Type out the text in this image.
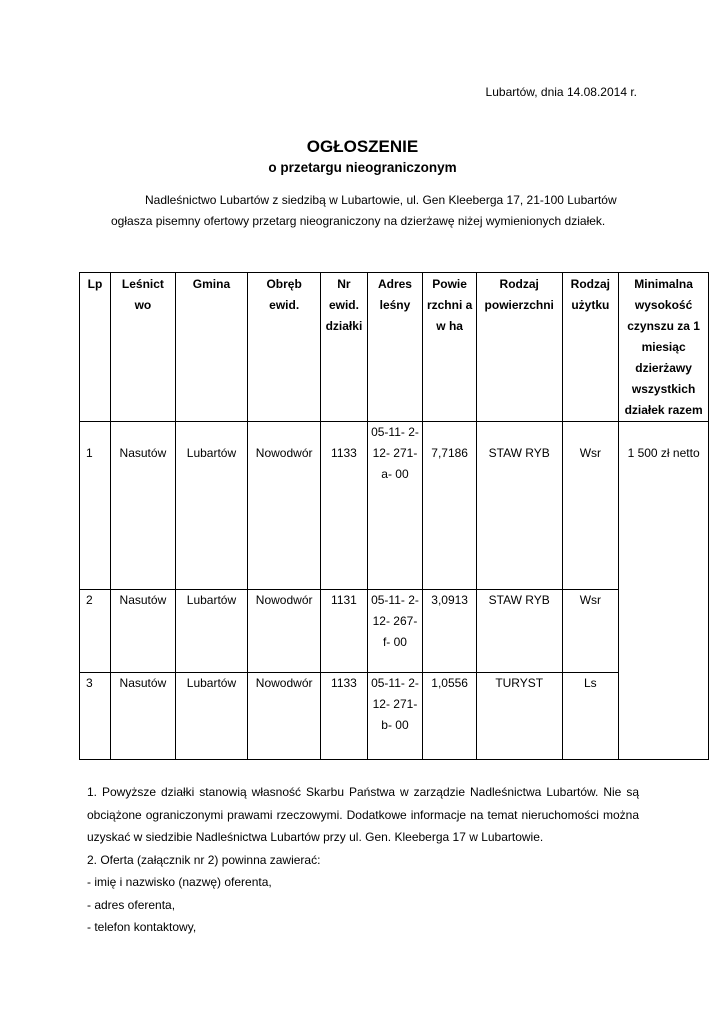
Lubartów, dnia 14.08.2014 r.
OGŁOSZENIE
o przetargu nieograniczonym
Nadleśnictwo Lubartów z siedzibą w Lubartowie, ul. Gen Kleeberga 17, 21-100 Lubartów
ogłasza pisemny ofertowy przetarg nieograniczony na dzierżawę niżej wymienionych działek.
Lp	Leśnict wo	Gmina	Obręb ewid.	Nr ewid. działki	Adres leśny	Powie rzchni a w ha	Rodzaj powierzchni	Rodzaj użytku	Minimalna wysokość czynszu za 1 miesiąc dzierżawy wszystkich działek razem
1	Nasutów	Lubartów	Nowodwór	1133	05-11- 2-12- 271-a- 00	7,7186	STAW RYB	Wsr	1 500 zł netto
2	Nasutów	Lubartów	Nowodwór	1131	05-11- 2-12- 267-f- 00	3,0913	STAW RYB	Wsr	
3	Nasutów	Lubartów	Nowodwór	1133	05-11- 2-12- 271-b- 00	1,0556	TURYST	Ls	

1. Powyższe działki stanowią własność Skarbu Państwa w zarządzie Nadleśnictwa Lubartów. Nie są obciążone ograniczonymi prawami rzeczowymi. Dodatkowe informacje na temat nieruchomości można uzyskać w siedzibie Nadleśnictwa Lubartów przy ul. Gen. Kleeberga 17 w Lubartowie.

2. Oferta (załącznik nr 2) powinna zawierać:

- imię i nazwisko (nazwę) oferenta,

- adres oferenta,

- telefon kontaktowy,
